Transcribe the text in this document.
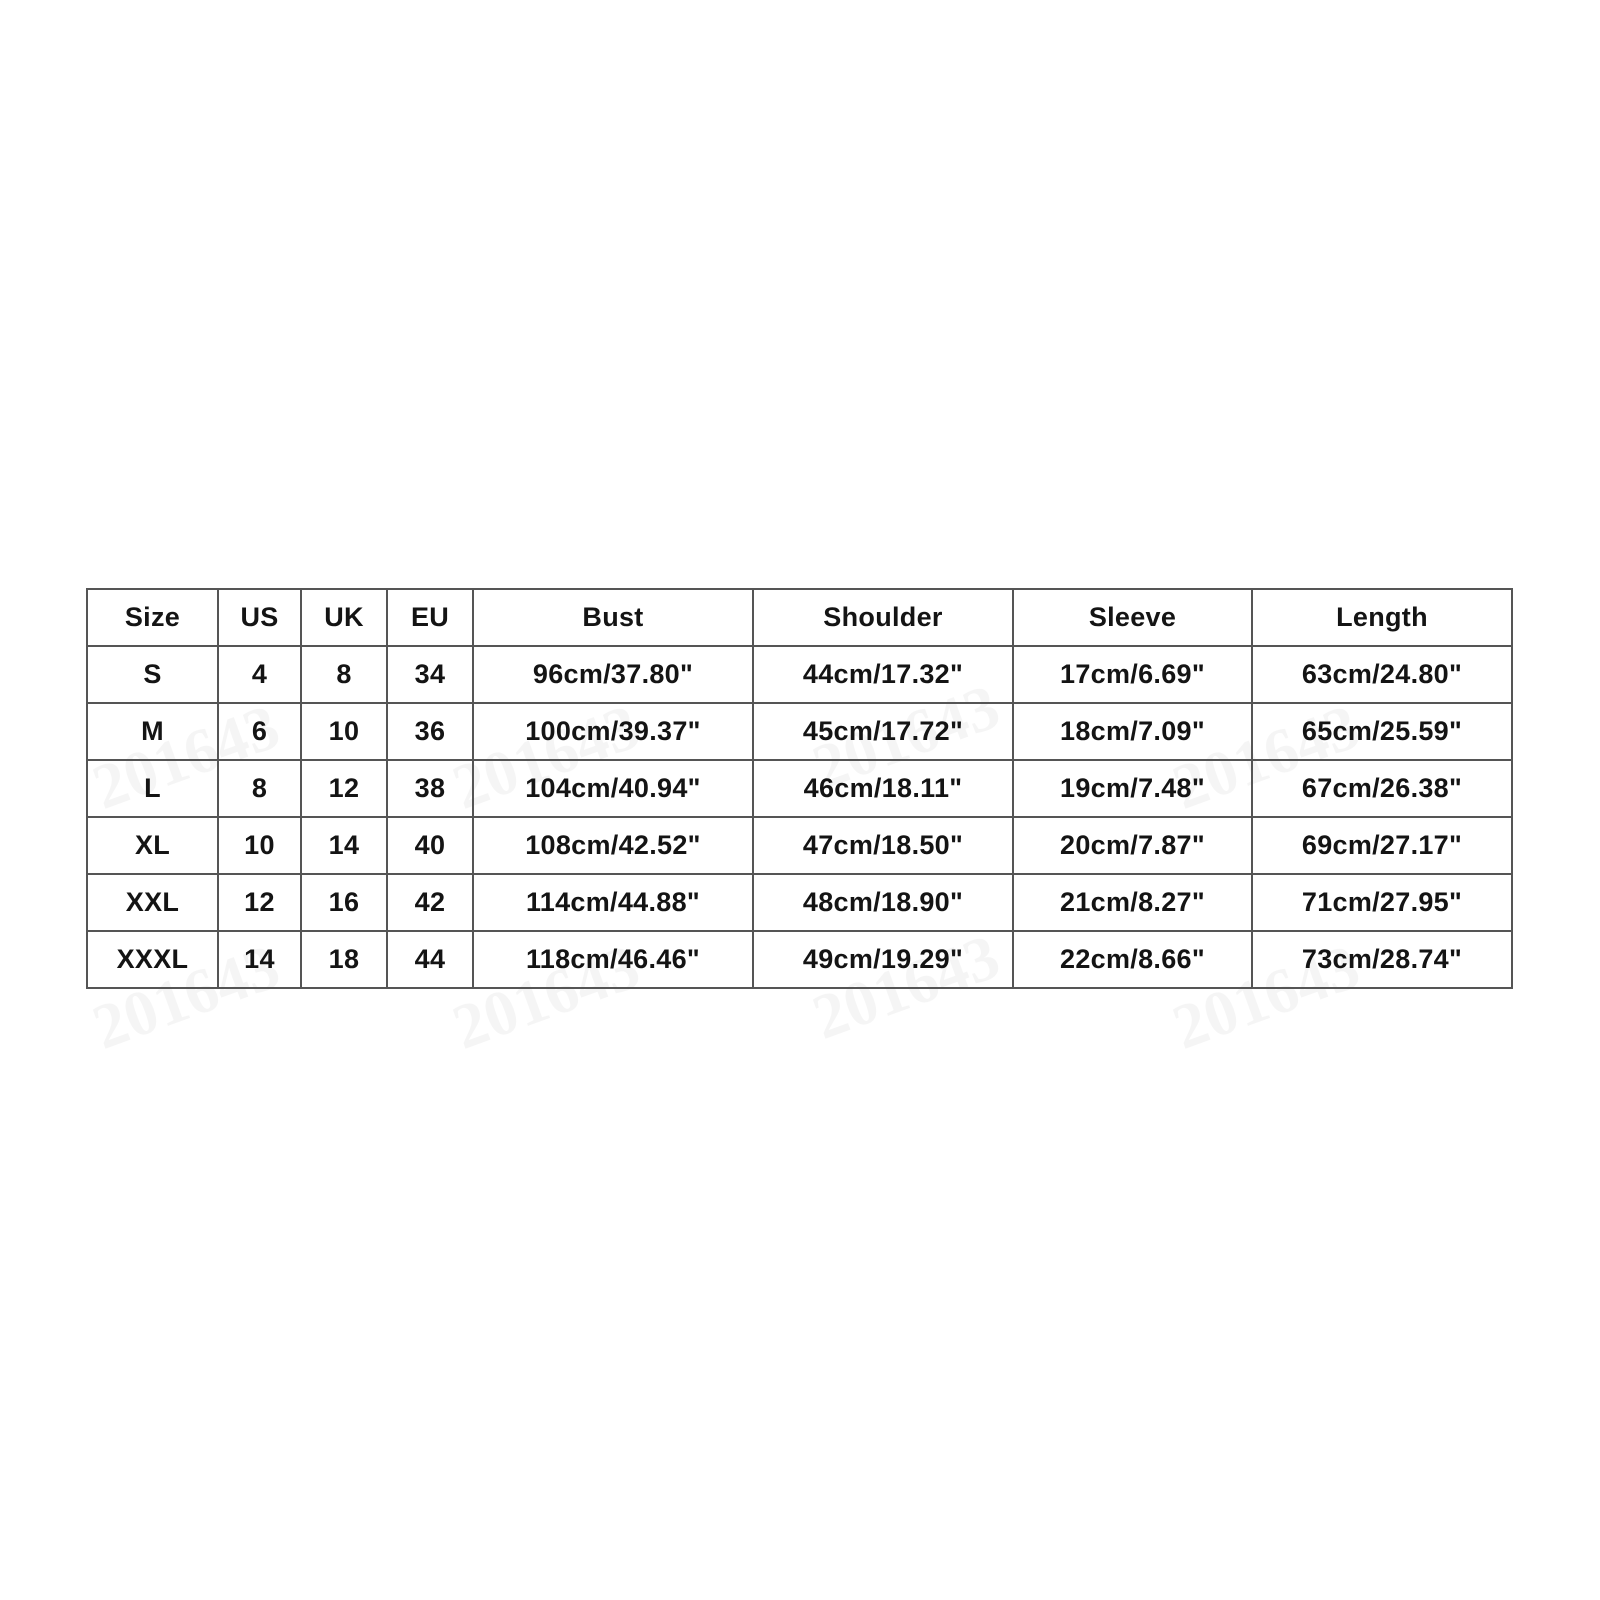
Size	US	UK	EU	Bust	Shoulder	Sleeve	Length
S	4	8	34	96cm/37.80"	44cm/17.32"	17cm/6.69"	63cm/24.80"
M	6	10	36	100cm/39.37"	45cm/17.72"	18cm/7.09"	65cm/25.59"
L	8	12	38	104cm/40.94"	46cm/18.11"	19cm/7.48"	67cm/26.38"
XL	10	14	40	108cm/42.52"	47cm/18.50"	20cm/7.87"	69cm/27.17"
XXL	12	16	42	114cm/44.88"	48cm/18.90"	21cm/8.27"	71cm/27.95"
XXXL	14	18	44	118cm/46.46"	49cm/19.29"	22cm/8.66"	73cm/28.74"
